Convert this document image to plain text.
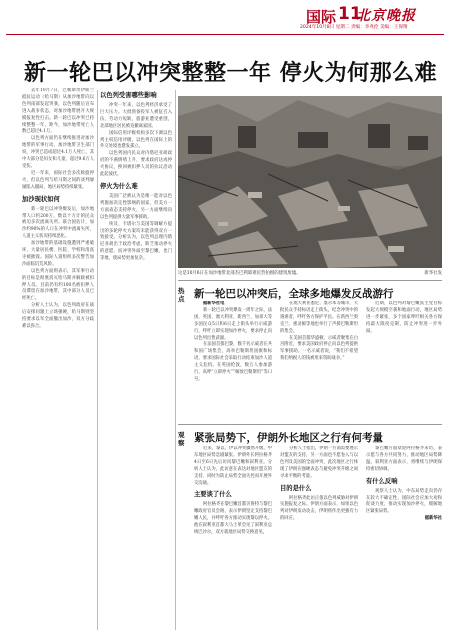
国际 11
北京晚报
2024年10月8日 星期二 责编：李兆伦 美编：王保翔
新一轮巴以冲突整整一年 停火为何那么难

去年10月7日，巴勒斯坦伊斯兰抵抗运动（哈马斯）从加沙地带向以色列南部发起突袭，以色列随后宣布进入战争状态，对加沙地带展开大规模报复性打击。新一轮巴以冲突已持续整整一年，距今，加沙地带死亡人数已超过4.1万。

以色列方面仍在继续推进对加沙地带的军事行动。加沙地带卫生部门说，冲突已造成超过4.1万人死亡，其中大部分是妇女和儿童，超过9.6万人受伤。

近一年来，国际社会多次斡旋停火，但以色列与哈马斯之间的谈判屡屡陷入僵局，地区局势持续紧张。

加沙现状如何

新一轮巴以冲突爆发后，加沙地带人口约200万，数以十万计的民众被迫多次流离失所。联合国估计，加沙约90%的人口在冲突中流离失所，人道主义状况持续恶化。

加沙地带的基础设施遭到严重破坏，大量居民楼、医院、学校和清真寺被摧毁。国际人道组织多次警告加沙面临饥荒风险。

以色列方面则表示，其军事行动的目标是彻底消灭哈马斯并解救被扣押人员。目前仍有约100名被扣押人员滞留在加沙地带，其中部分人员已经死亡。

分析人士认为，以色列政府在战后安排问题上立场强硬，哈马斯则坚持要求以军全面撤出加沙，双方分歧难以弥合。

以色列受害哪些影响

冲突一年来，以色列经济承受了巨大压力。大批预备役军人被征召入伍，劳动力短缺，旅游业遭受重创，北部地区居民被迫撤离家园。

国际信用评级机构多次下调以色列主权信用评级，以色列在国际上的外交处境也愈发孤立。

以色列国内民众对内塔尼亚胡政府的不满情绪上升，要求政府达成停火协议、换回被扣押人员的抗议活动此起彼伏。

停火为什么难

美国广泛被认为是唯一能对以色列施加决定性影响的国家，但美方一方面表态支持停火，另一方面继续向以色列提供大量军事援助。

埃及、卡塔尔与美国等调解方提出的多轮停火方案均未能获得双方一致接受。分析认为，以色列总理内塔尼亚胡出于政治考虑，缺乏推动停火的意愿，而冲突外溢至黎巴嫩、也门等地，使局势更加复杂。

这是10月6日在加沙地带北部杰巴利耶难民营拍摄的建筑废墟。	新华社发
热点 新一轮巴以冲突后，全球多地爆发反战游行

据新华社电

新一轮巴以冲突爆发一周年之际，法国、英国、澳大利亚、新西兰、加拿大等多国民众5日和6日走上街头举行示威游行，呼吁立即实现加沙停火，要求停止向以色列出售武器。

在法国首都巴黎，数千名示威者在共和国广场集会，高举巴勒斯坦国旗和标语，要求国际社会采取行动结束加沙人道主义危机。在英国伦敦，数万人参加游行，高呼“立即停火”“解放巴勒斯坦”等口号。

在澳大利亚悉尼、墨尔本等城市，大批民众手持标语走上街头，纪念冲突中的遇难者，呼吁各方保护平民。在新西兰奥克兰、惠灵顿等地也举行了声援巴勒斯坦的集会。

在美国首都华盛顿，示威者聚集在白宫附近，要求美国政府停止向以色列提供军事援助。一名示威者说，“我们不希望我们纳税人的钱被用来资助战争。”

近期，以色列对黎巴嫩真主党目标发起大规模空袭和地面行动，地区局势进一步紧张，多个国家呼吁相关各方保持最大限度克制，防止冲突进一步外溢。

观察 紧张局势下，伊朗外长地区之行有何考量

近来，黎以、伊以冲突骤然升级，中东地区局势急剧紧张。伊朗外长阿拉格齐4日至6日先后访问黎巴嫩和叙利亚。分析人士认为，此访意在表达对地区盟友的支持，同时为防止局势全面失控而开展外交沟通。

主要谈了什么

阿拉格齐在黎巴嫩首都贝鲁特与黎巴嫩政府官员会晤，表示伊朗坚定支持黎巴嫩人民，并呼吁各方推动实现黎以停火。他在叙利亚首都大马士革会见了叙利亚总统巴沙尔，双方就地区局势交换意见。

分析人士指出，伊朗一方面需要展示对盟友的支持，另一方面也不愿卷入与以色列及美国的全面冲突，此次地区之行体现了伊朗在强硬表态与避免冲突升级之间寻求平衡的考量。

目的是什么

阿拉格齐此访正值以色列威胁对伊朗实施报复之际。伊朗方面表示，如果以色列对伊朗发动攻击，伊朗将作出更强有力的回应。

黎巴嫩方面欢迎阿拉格齐来访，表示愿与各方共同努力，推动地区局势降温。叙利亚方面表示，将继续与伊朗保持密切协调。

有什么反响

观察人士认为，中东局势走向仍存在较大不确定性，国际社会应加大劝和促谈力度，推动实现加沙停火，缓解地区紧张局势。

据新华社
